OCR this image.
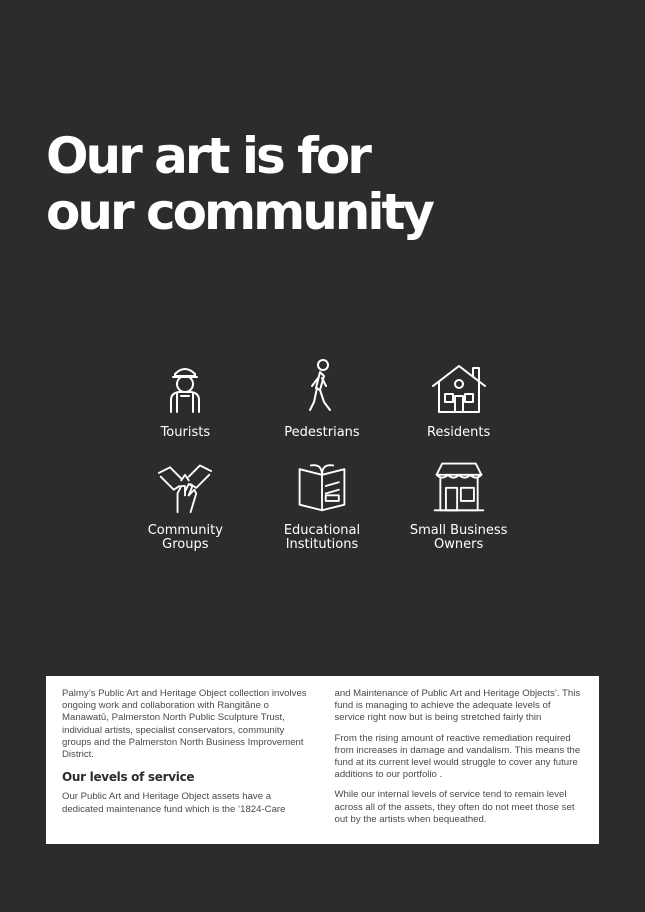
Our art is for
our community
Tourists	Pedestrians	Residents
Community
Groups
Educational
Institutions
Small Business
Owners

Palmy’s Public Art and Heritage Object collection involves ongoing work and collaboration with Rangitāne o Manawatū, Palmerston North Public Sculpture Trust, individual artists, specialist conservators, community groups and the Palmerston North Business Improvement District.

Our levels of service

Our Public Art and Heritage Object assets have a dedicated maintenance fund which is the ‘1824-Care

and Maintenance of Public Art and Heritage Objects’. This fund is managing to achieve the adequate levels of service right now but is being stretched fairly thin

From the rising amount of reactive remediation required from increases in damage and vandalism. This means the fund at its current level would struggle to cover any future additions to our portfolio .

While our internal levels of service tend to remain level across all of the assets, they often do not meet those set out by the artists when bequeathed.
